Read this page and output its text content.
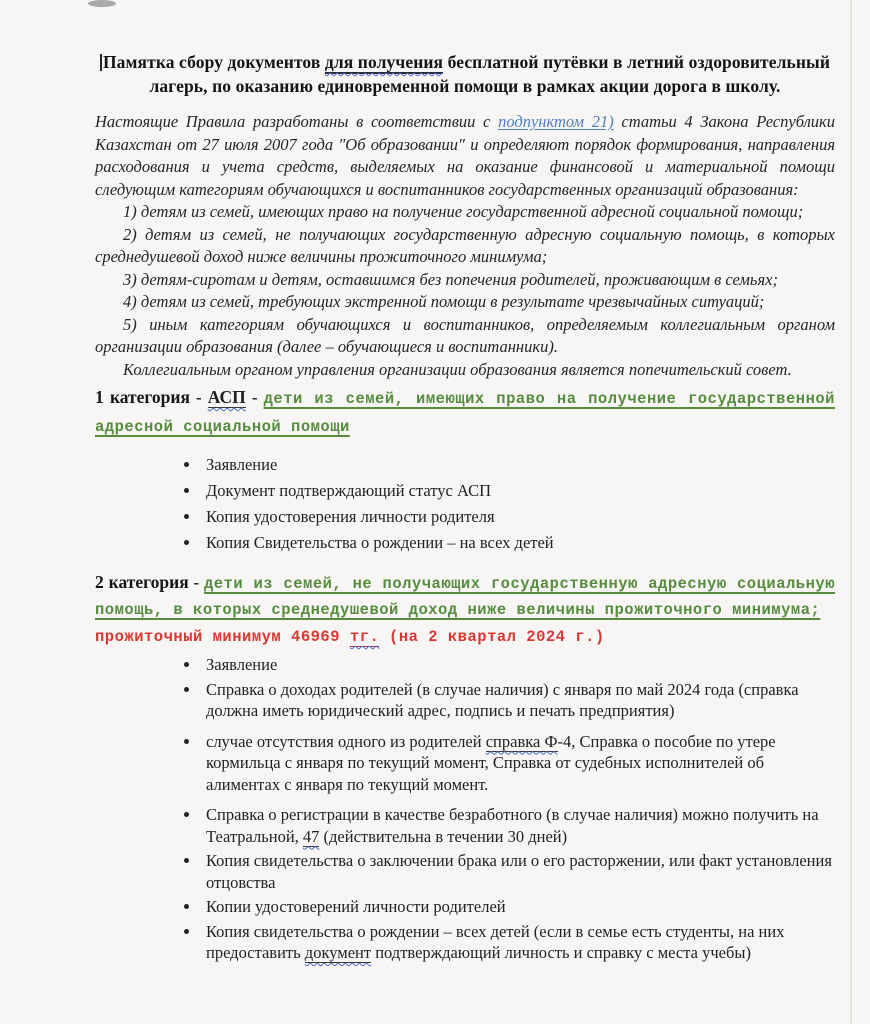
Памятка сбору документов для получения бесплатной путёвки в летний оздоровительный лагерь, по оказанию единовременной помощи в рамках акции дорога в школу.

Настоящие Правила разработаны в соответствии с подпунктом 21) статьи 4 Закона Республики Казахстан от 27 июля 2007 года "Об образовании" и определяют порядок формирования, направления расходования и учета средств, выделяемых на оказание финансовой и материальной помощи следующим категориям обучающихся и воспитанников государственных организаций образования:

1) детям из семей, имеющих право на получение государственной адресной социальной помощи;

2) детям из семей, не получающих государственную адресную социальную помощь, в которых среднедушевой доход ниже величины прожиточного минимума;

3) детям-сиротам и детям, оставшимся без попечения родителей, проживающим в семьях;

4) детям из семей, требующих экстренной помощи в результате чрезвычайных ситуаций;

5) иным категориям обучающихся и воспитанников, определяемым коллегиальным органом организации образования (далее – обучающиеся и воспитанники).

Коллегиальным органом управления организации образования является попечительский совет.

1 категория - АСП - дети из семей, имеющих право на получение государственной адресной социальной помощи
• Заявление
• Документ подтверждающий статус АСП
• Копия удостоверения личности родителя
• Копия Свидетельства о рождении – на всех детей
2 категория - дети из семей, не получающих государственную адресную социальную помощь, в которых среднедушевой доход ниже величины прожиточного минимума;

прожиточный минимум 46969 тг. (на 2 квартал 2024 г.)

• Заявление
• Справка о доходах родителей (в случае наличия) с января по май 2024 года (справка должна иметь юридический адрес, подпись и печать предприятия)
• случае отсутствия одного из родителей справка Ф-4, Справка о пособие по утере кормильца с января по текущий момент, Справка от судебных исполнителей об алиментах с января по текущий момент.
• Справка о регистрации в качестве безработного (в случае наличия) можно получить на Театральной, 47 (действительна в течении 30 дней)
• Копия свидетельства о заключении брака или о его расторжении, или факт установления отцовства
• Копии удостоверений личности родителей
• Копия свидетельства о рождении – всех детей (если в семье есть студенты, на них предоставить документ подтверждающий личность и справку с места учебы)
